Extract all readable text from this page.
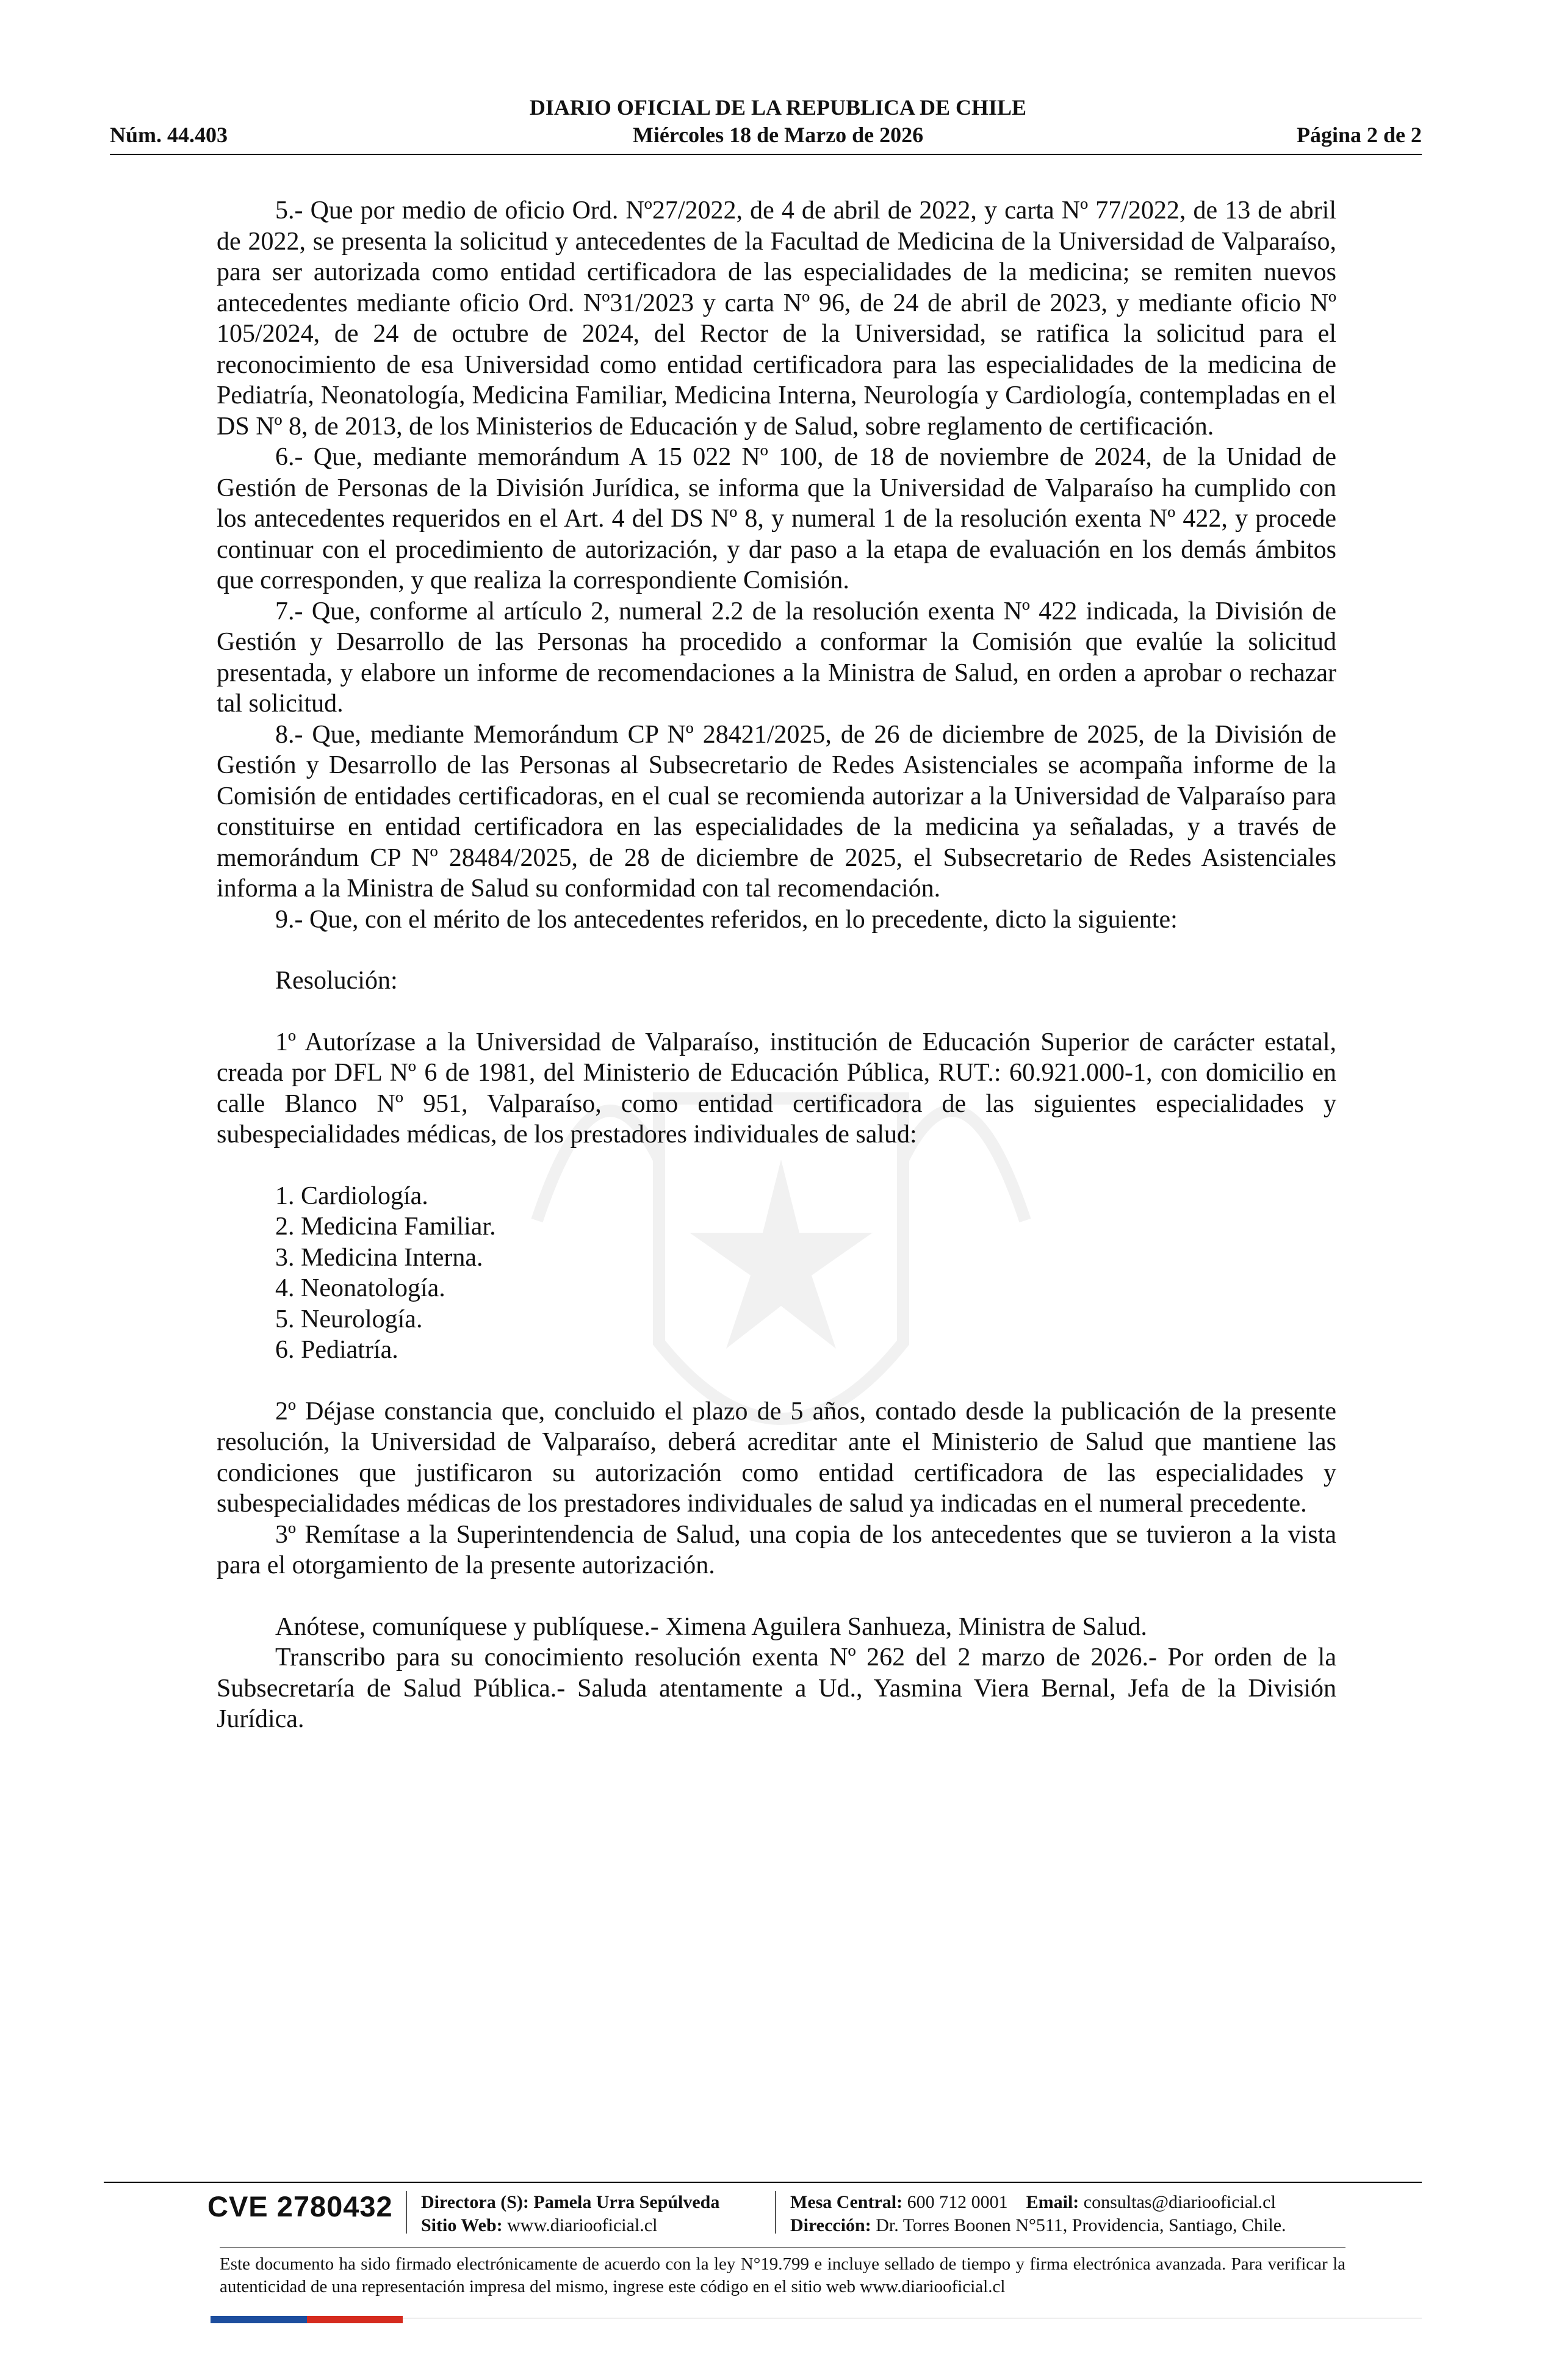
DIARIO OFICIAL DE LA REPUBLICA DE CHILE
Núm. 44.403	Miércoles 18 de Marzo de 2026	Página 2 de 2

5.- Que por medio de oficio Ord. Nº27/2022, de 4 de abril de 2022, y carta Nº 77/2022, de 13 de abril de 2022, se presenta la solicitud y antecedentes de la Facultad de Medicina de la Universidad de Valparaíso, para ser autorizada como entidad certificadora de las especialidades de la medicina; se remiten nuevos antecedentes mediante oficio Ord. Nº31/2023 y carta Nº 96, de 24 de abril de 2023, y mediante oficio Nº 105/2024, de 24 de octubre de 2024, del Rector de la Universidad, se ratifica la solicitud para el reconocimiento de esa Universidad como entidad certificadora para las especialidades de la medicina de Pediatría, Neonatología, Medicina Familiar, Medicina Interna, Neurología y Cardiología, contempladas en el DS Nº 8, de 2013, de los Ministerios de Educación y de Salud, sobre reglamento de certificación.

6.- Que, mediante memorándum A 15 022 Nº 100, de 18 de noviembre de 2024, de la Unidad de Gestión de Personas de la División Jurídica, se informa que la Universidad de Valparaíso ha cumplido con los antecedentes requeridos en el Art. 4 del DS Nº 8, y numeral 1 de la resolución exenta Nº 422, y procede continuar con el procedimiento de autorización, y dar paso a la etapa de evaluación en los demás ámbitos que corresponden, y que realiza la correspondiente Comisión.

7.- Que, conforme al artículo 2, numeral 2.2 de la resolución exenta Nº 422 indicada, la División de Gestión y Desarrollo de las Personas ha procedido a conformar la Comisión que evalúe la solicitud presentada, y elabore un informe de recomendaciones a la Ministra de Salud, en orden a aprobar o rechazar tal solicitud.

8.- Que, mediante Memorándum CP Nº 28421/2025, de 26 de diciembre de 2025, de la División de Gestión y Desarrollo de las Personas al Subsecretario de Redes Asistenciales se acompaña informe de la Comisión de entidades certificadoras, en el cual se recomienda autorizar a la Universidad de Valparaíso para constituirse en entidad certificadora en las especialidades de la medicina ya señaladas, y a través de memorándum CP Nº 28484/2025, de 28 de diciembre de 2025, el Subsecretario de Redes Asistenciales informa a la Ministra de Salud su conformidad con tal recomendación.

9.- Que, con el mérito de los antecedentes referidos, en lo precedente, dicto la siguiente:

Resolución:

1º Autorízase a la Universidad de Valparaíso, institución de Educación Superior de carácter estatal, creada por DFL Nº 6 de 1981, del Ministerio de Educación Pública, RUT.: 60.921.000-1, con domicilio en calle Blanco Nº 951, Valparaíso, como entidad certificadora de las siguientes especialidades y subespecialidades médicas, de los prestadores individuales de salud:

1. Cardiología.
2. Medicina Familiar.
3. Medicina Interna.
4. Neonatología.
5. Neurología.
6. Pediatría.

2º Déjase constancia que, concluido el plazo de 5 años, contado desde la publicación de la presente resolución, la Universidad de Valparaíso, deberá acreditar ante el Ministerio de Salud que mantiene las condiciones que justificaron su autorización como entidad certificadora de las especialidades y subespecialidades médicas de los prestadores individuales de salud ya indicadas en el numeral precedente.

3º Remítase a la Superintendencia de Salud, una copia de los antecedentes que se tuvieron a la vista para el otorgamiento de la presente autorización.

Anótese, comuníquese y publíquese.- Ximena Aguilera Sanhueza, Ministra de Salud.

Transcribo para su conocimiento resolución exenta Nº 262 del 2 marzo de 2026.- Por orden de la Subsecretaría de Salud Pública.- Saluda atentamente a Ud., Yasmina Viera Bernal, Jefa de la División Jurídica.

CVE 2780432 Directora (S): Pamela Urra Sepúlveda
Sitio Web: www.diariooficial.cl
Mesa Central: 600 712 0001 Email: consultas@diariooficial.cl
Dirección: Dr. Torres Boonen N°511, Providencia, Santiago, Chile.
Este documento ha sido firmado electrónicamente de acuerdo con la ley N°19.799 e incluye sellado de tiempo y firma electrónica avanzada. Para verificar la autenticidad de una representación impresa del mismo, ingrese este código en el sitio web www.diariooficial.cl
